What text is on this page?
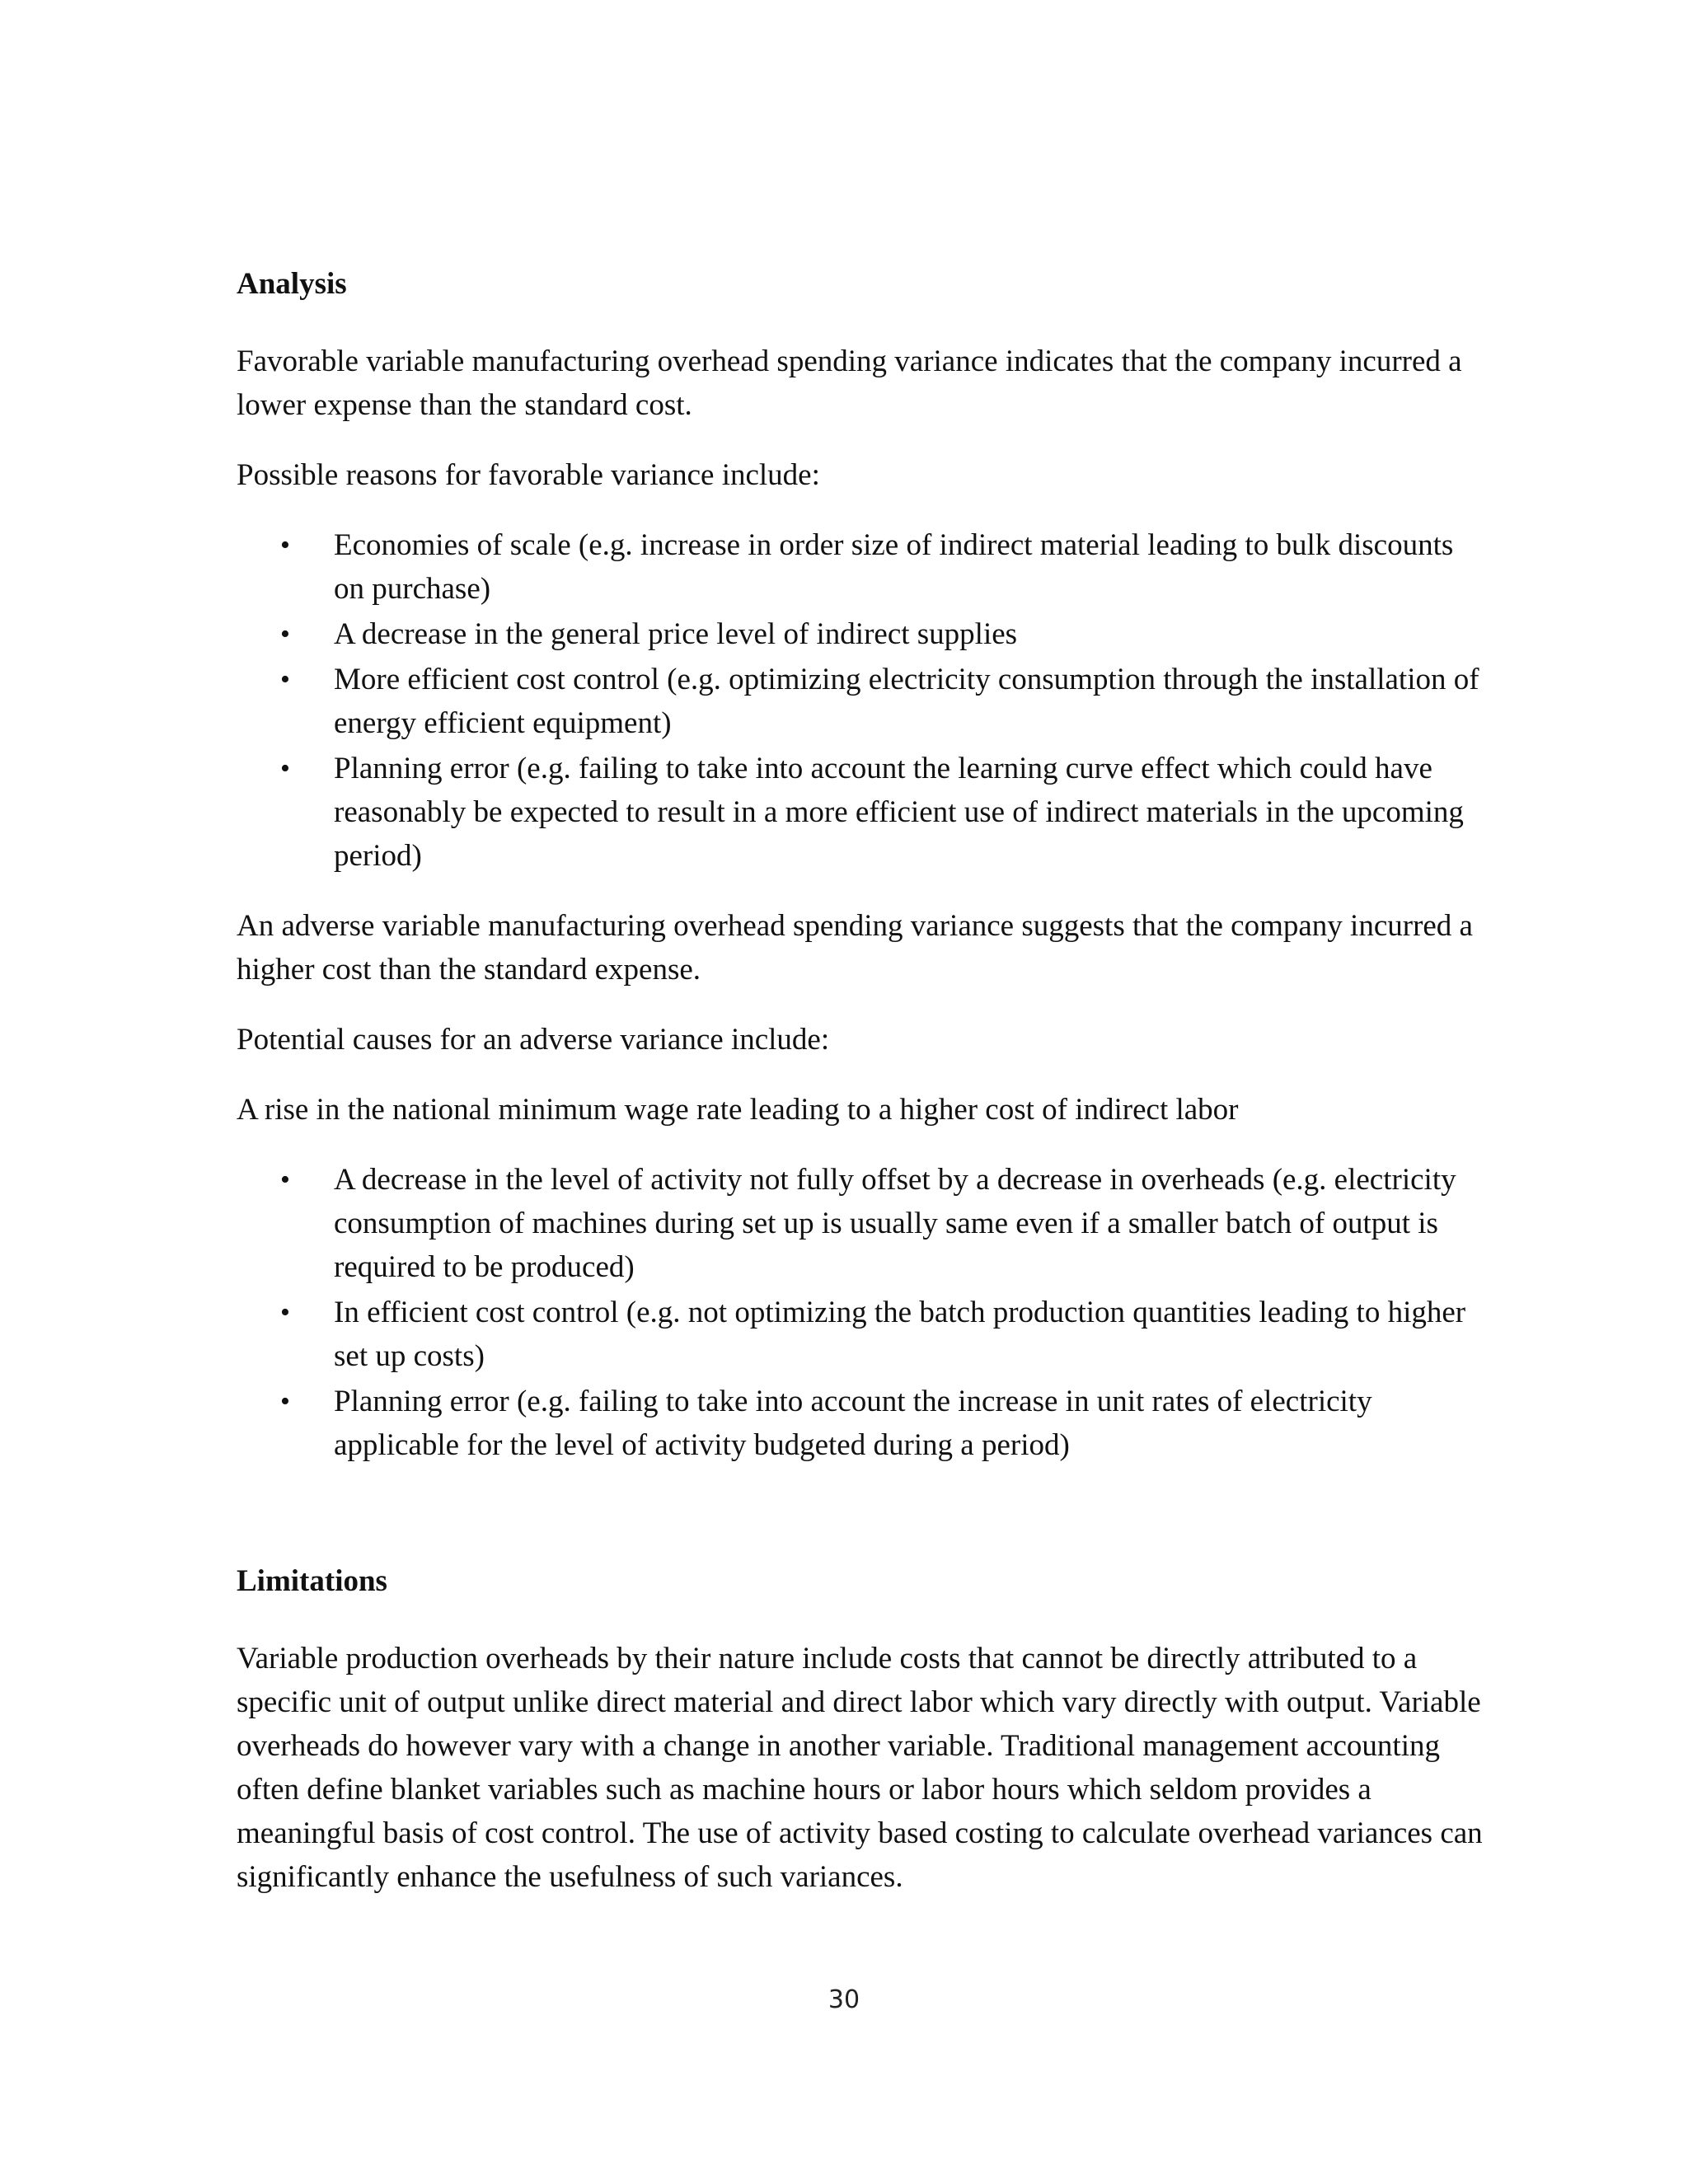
Analysis

Favorable variable manufacturing overhead spending variance indicates that the company incurred a lower expense than the standard cost.

Possible reasons for favorable variance include:

• Economies of scale (e.g. increase in order size of indirect material leading to bulk discounts on purchase)
• A decrease in the general price level of indirect supplies
• More efficient cost control (e.g. optimizing electricity consumption through the installation of energy efficient equipment)
• Planning error (e.g. failing to take into account the learning curve effect which could have reasonably be expected to result in a more efficient use of indirect materials in the upcoming period)

An adverse variable manufacturing overhead spending variance suggests that the company incurred a higher cost than the standard expense.

Potential causes for an adverse variance include:

A rise in the national minimum wage rate leading to a higher cost of indirect labor

• A decrease in the level of activity not fully offset by a decrease in overheads (e.g. electricity consumption of machines during set up is usually same even if a smaller batch of output is required to be produced)
• In efficient cost control (e.g. not optimizing the batch production quantities leading to higher set up costs)
• Planning error (e.g. failing to take into account the increase in unit rates of electricity applicable for the level of activity budgeted during a period)
Limitations

Variable production overheads by their nature include costs that cannot be directly attributed to a specific unit of output unlike direct material and direct labor which vary directly with output. Variable overheads do however vary with a change in another variable. Traditional management accounting often define blanket variables such as machine hours or labor hours which seldom provides a meaningful basis of cost control. The use of activity based costing to calculate overhead variances can significantly enhance the usefulness of such variances.

30
